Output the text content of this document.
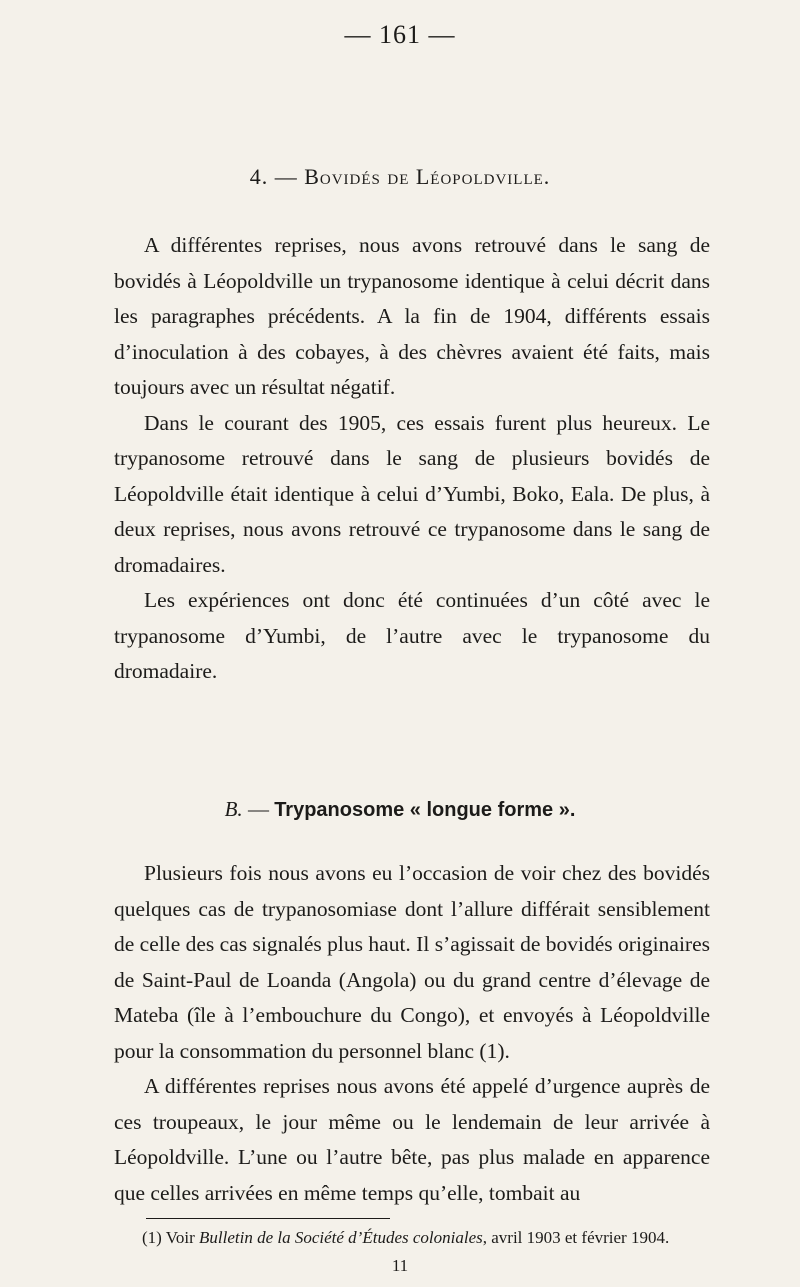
— 161 —
4. — Bovidés de Léopoldville.

A différentes reprises, nous avons retrouvé dans le sang de bovidés à Léopoldville un trypanosome identique à celui décrit dans les paragraphes précédents. A la fin de 1904, différents essais d’inoculation à des cobayes, à des chèvres avaient été faits, mais toujours avec un résultat négatif.

Dans le courant des 1905, ces essais furent plus heureux. Le trypanosome retrouvé dans le sang de plusieurs bovidés de Léopoldville était identique à celui d’Yumbi, Boko, Eala. De plus, à deux reprises, nous avons retrouvé ce trypanosome dans le sang de dromadaires.

Les expériences ont donc été continuées d’un côté avec le trypanosome d’Yumbi, de l’autre avec le trypanosome du dromadaire.

B. — Trypanosome « longue forme ».

Plusieurs fois nous avons eu l’occasion de voir chez des bovidés quelques cas de trypanosomiase dont l’allure différait sensiblement de celle des cas signalés plus haut. Il s’agissait de bovidés originaires de Saint-Paul de Loanda (Angola) ou du grand centre d’élevage de Mateba (île à l’embouchure du Congo), et envoyés à Léopoldville pour la consommation du personnel blanc (1).

A différentes reprises nous avons été appelé d’urgence auprès de ces troupeaux, le jour même ou le lendemain de leur arrivée à Léopoldville. L’une ou l’autre bête, pas plus malade en apparence que celles arrivées en même temps qu’elle, tombait au

(1) Voir Bulletin de la Société d’Études coloniales, avril 1903 et février 1904.
11
